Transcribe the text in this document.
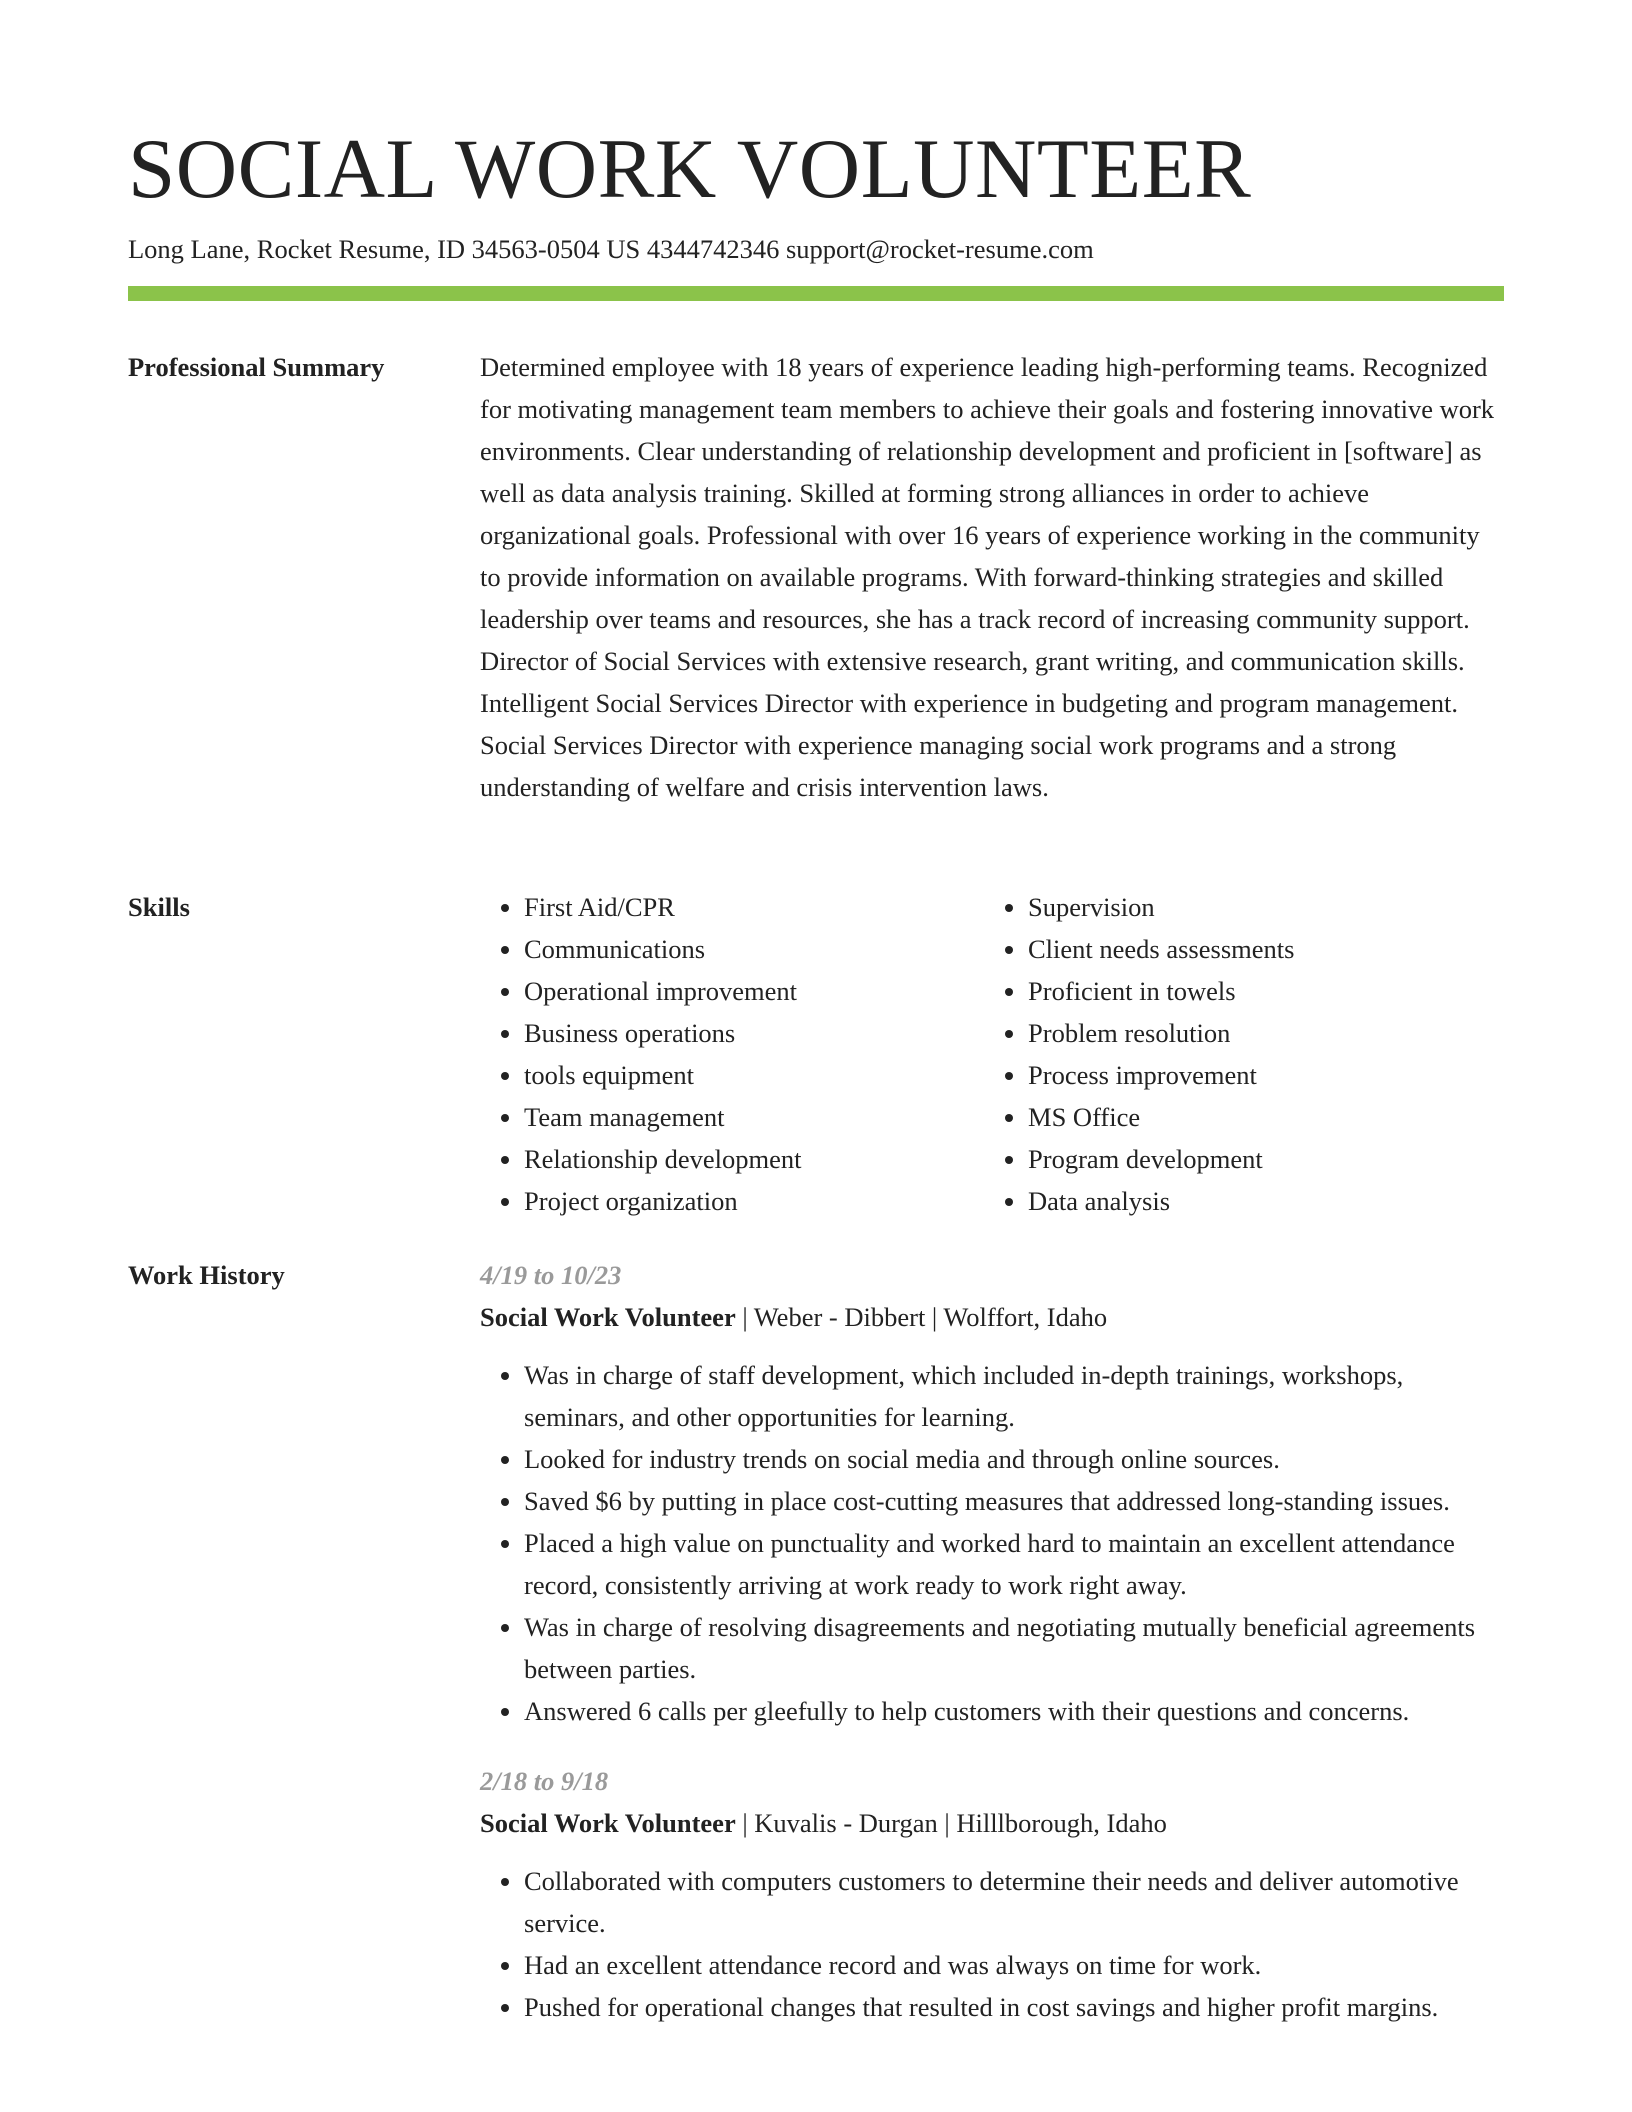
SOCIAL WORK VOLUNTEER
Long Lane, Rocket Resume, ID 34563-0504 US 4344742346 support@rocket-resume.com
Professional Summary	Determined employee with 18 years of experience leading high-performing teams. Recognized for motivating management team members to achieve their goals and fostering innovative work environments. Clear understanding of relationship development and proficient in [software] as well as data analysis training. Skilled at forming strong alliances in order to achieve organizational goals. Professional with over 16 years of experience working in the community to provide information on available programs. With forward-thinking strategies and skilled leadership over teams and resources, she has a track record of increasing community support. Director of Social Services with extensive research, grant writing, and communication skills. Intelligent Social Services Director with experience in budgeting and program management. Social Services Director with experience managing social work programs and a strong understanding of welfare and crisis intervention laws.

Skills
•	First Aid/CPR
• Communications
• Operational improvement
• Business operations
• tools equipment
• Team management
• Relationship development
• Project organization
• Supervision
• Client needs assessments
• Proficient in towels
• Problem resolution
• Process improvement
• MS Office
• Program development
• Data analysis
Work History	4/19 to 10/23
Social Work Volunteer | Weber - Dibbert | Wolffort, Idaho
• Was in charge of staff development, which included in-depth trainings, workshops, seminars, and other opportunities for learning.
• Looked for industry trends on social media and through online sources.
• Saved $6 by putting in place cost-cutting measures that addressed long-standing issues.
• Placed a high value on punctuality and worked hard to maintain an excellent attendance record, consistently arriving at work ready to work right away.
• Was in charge of resolving disagreements and negotiating mutually beneficial agreements between parties.
• Answered 6 calls per gleefully to help customers with their questions and concerns.
2/18 to 9/18
Social Work Volunteer | Kuvalis - Durgan | Hilllborough, Idaho
• Collaborated with computers customers to determine their needs and deliver automotive service.
• Had an excellent attendance record and was always on time for work.
• Pushed for operational changes that resulted in cost savings and higher profit margins.
